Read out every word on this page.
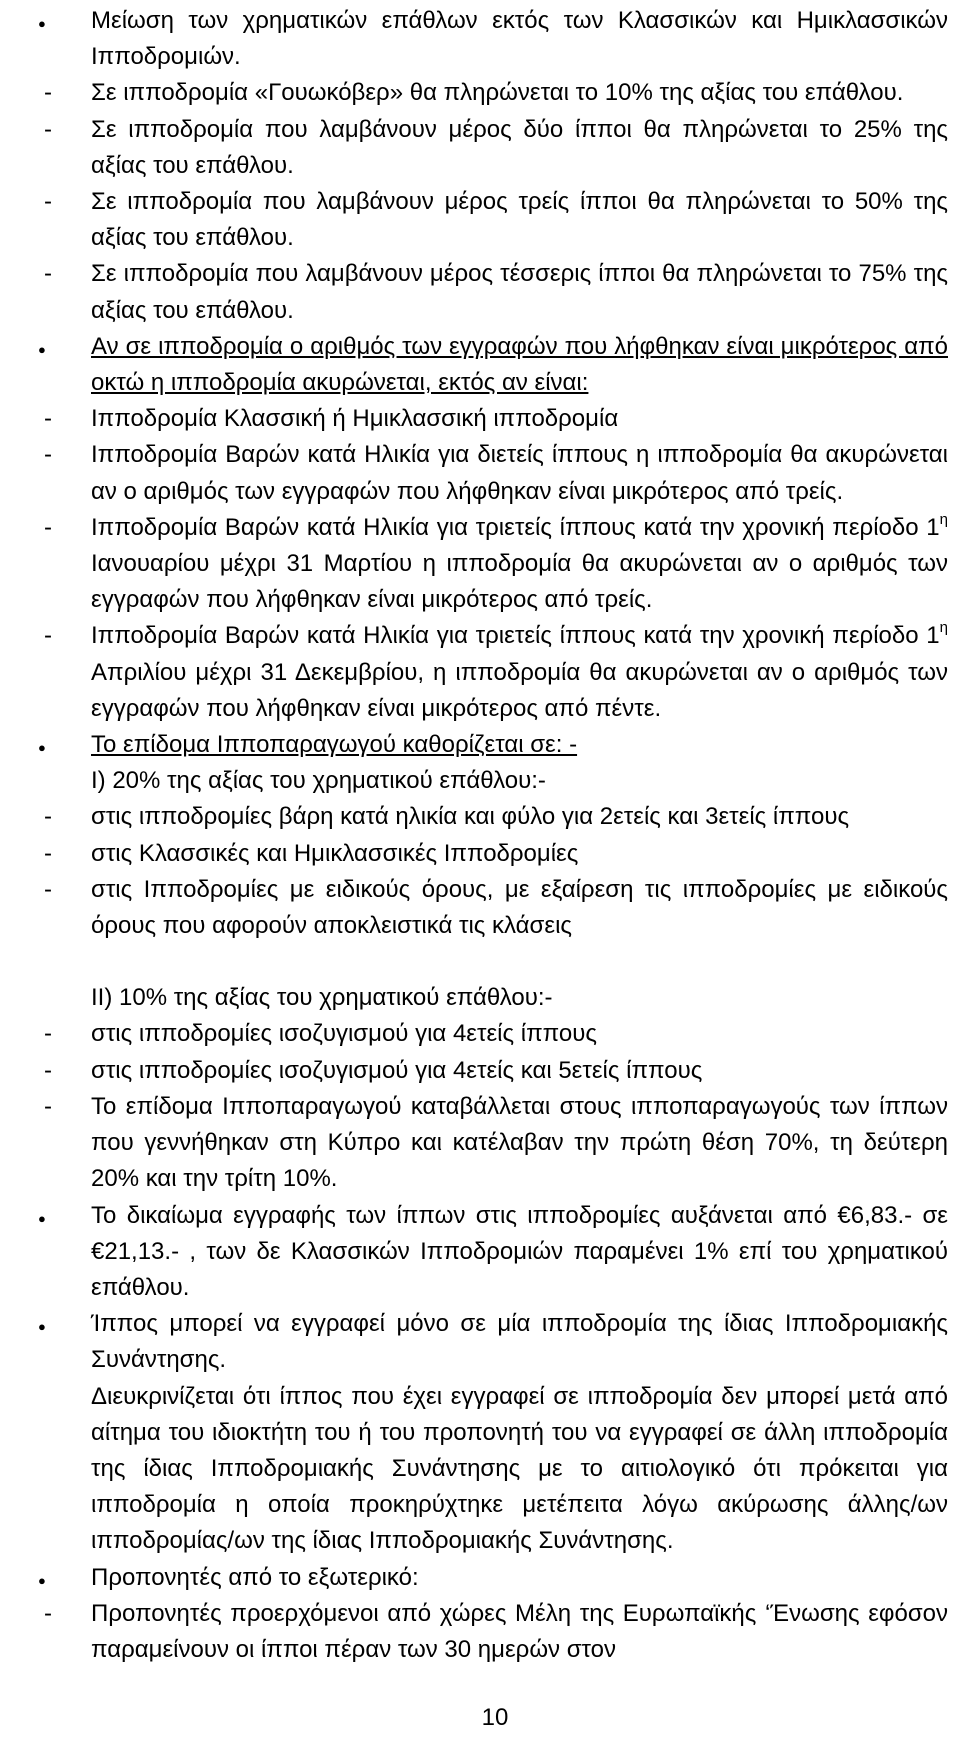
●	Μείωση των χρηματικών επάθλων εκτός των Κλασσικών και Ημικλασσικών Ιπποδρομιών.
-	Σε ιπποδρομία «Γουωκόβερ» θα πληρώνεται το 10% της αξίας του επάθλου.
-	Σε ιπποδρομία που λαμβάνουν μέρος δύο ίπποι θα πληρώνεται το 25% της αξίας του επάθλου.
-	Σε ιπποδρομία που λαμβάνουν μέρος τρείς ίπποι θα πληρώνεται το 50% της αξίας του επάθλου.
-	Σε ιπποδρομία που λαμβάνουν μέρος τέσσερις ίπποι θα πληρώνεται το 75% της αξίας του επάθλου.
●	Αν σε ιπποδρομία ο αριθμός των εγγραφών που λήφθηκαν είναι μικρότερος από οκτώ η ιπποδρομία ακυρώνεται, εκτός αν είναι:
-	Ιπποδρομία Κλασσική ή Ημικλασσική ιπποδρομία
-	Ιπποδρομία Βαρών κατά Ηλικία για διετείς ίππους η ιπποδρομία θα ακυρώνεται αν ο αριθμός των εγγραφών που λήφθηκαν είναι μικρότερος από τρείς.
-	Ιπποδρομία Βαρών κατά Ηλικία για τριετείς ίππους κατά την χρονική περίοδο $1^\eta$ Ιανουαρίου μέχρι 31 Μαρτίου η ιπποδρομία θα ακυρώνεται αν ο αριθμός των εγγραφών που λήφθηκαν είναι μικρότερος από τρείς.
-	Ιπποδρομία Βαρών κατά Ηλικία για τριετείς ίππους κατά την χρονική περίοδο $1^\eta$ Απριλίου μέχρι 31 Δεκεμβρίου, η ιπποδρομία θα ακυρώνεται αν ο αριθμός των εγγραφών που λήφθηκαν είναι μικρότερος από πέντε.
●	Το επίδομα Ιπποπαραγωγού καθορίζεται σε: -
Ι) 20% της αξίας του χρηματικού επάθλου:-
-	στις ιπποδρομίες βάρη κατά ηλικία και φύλο για 2ετείς και 3ετείς ίππους
-	στις Κλασσικές και Ημικλασσικές Ιπποδρομίες
-	στις Ιπποδρομίες με ειδικούς όρους, με εξαίρεση τις ιπποδρομίες με ειδικούς όρους που αφορούν αποκλειστικά τις κλάσεις
ΙΙ) 10% της αξίας του χρηματικού επάθλου:-
-	στις ιπποδρομίες ισοζυγισμού για 4ετείς ίππους
-	στις ιπποδρομίες ισοζυγισμού για 4ετείς και 5ετείς ίππους
-	Το επίδομα Ιπποπαραγωγού καταβάλλεται στους ιπποπαραγωγούς των ίππων που γεννήθηκαν στη Κύπρο και κατέλαβαν την πρώτη θέση 70%, τη δεύτερη 20% και την τρίτη 10%.
●	Το δικαίωμα εγγραφής των ίππων στις ιπποδρομίες αυξάνεται από €6,83.- σε €21,13.- , των δε Κλασσικών Ιπποδρομιών παραμένει 1% επί του χρηματικού επάθλου.
●	Ίππος μπορεί να εγγραφεί μόνο σε μία ιπποδρομία της ίδιας Ιπποδρομιακής Συνάντησης.
Διευκρινίζεται ότι ίππος που έχει εγγραφεί σε ιπποδρομία δεν μπορεί μετά από αίτημα του ιδιοκτήτη του ή του προπονητή του να εγγραφεί σε άλλη ιπποδρομία της ίδιας Ιπποδρομιακής Συνάντησης με το αιτιολογικό ότι πρόκειται για ιπποδρομία η οποία προκηρύχτηκε μετέπειτα λόγω ακύρωσης άλλης/ων ιπποδρομίας/ων της ίδιας Ιπποδρομιακής Συνάντησης.
●	Προπονητές από το εξωτερικό:
-	Προπονητές προερχόμενοι από χώρες Μέλη της Ευρωπαϊκής ‘Ένωσης εφόσον παραμείνουν οι ίπποι πέραν των 30 ημερών στον
10
